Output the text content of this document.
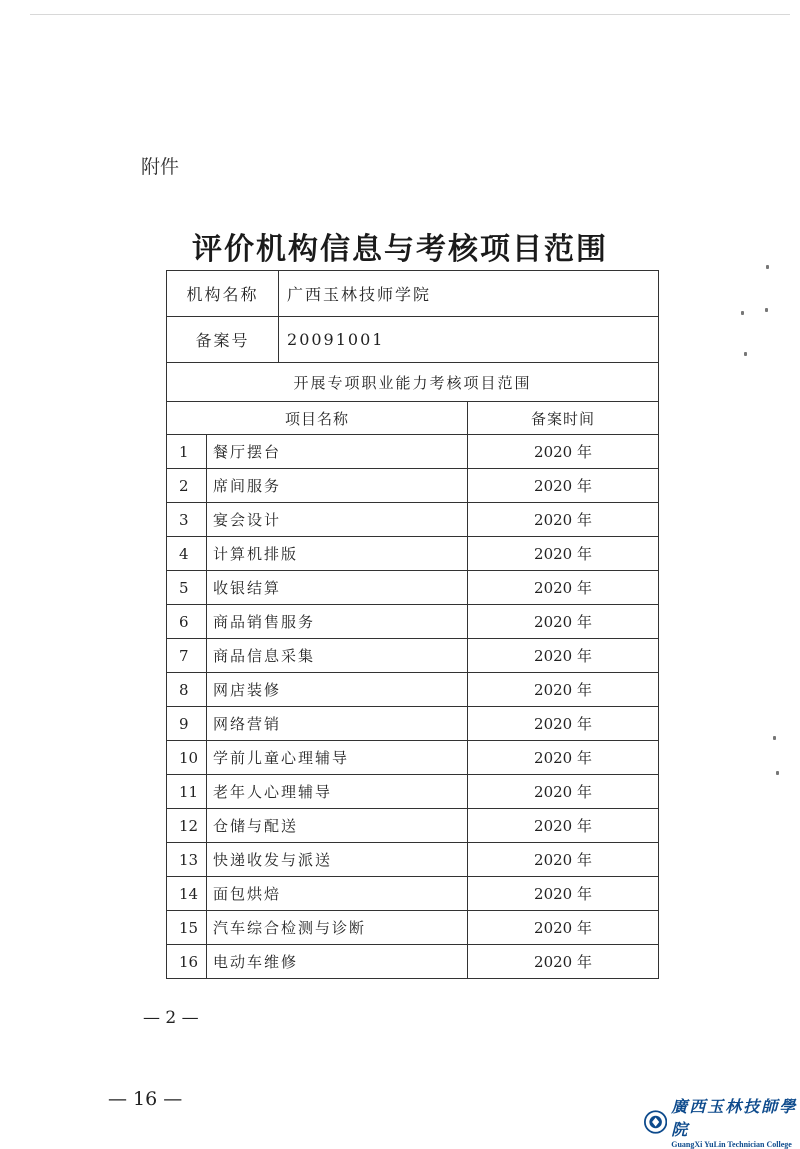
附件
评价机构信息与考核项目范围
机构名称		广西玉林技师学院	
备案号		20091001	
开展专项职业能力考核项目范围			
项目名称			备案时间
1	餐厅摆台		2020 年
2	席间服务		2020 年
3	宴会设计		2020 年
4	计算机排版		2020 年
5	收银结算		2020 年
6	商品销售服务		2020 年
7	商品信息采集		2020 年
8	网店装修		2020 年
9	网络营销		2020 年
10	学前儿童心理辅导		2020 年
11	老年人心理辅导		2020 年
12	仓储与配送		2020 年
13	快递收发与派送		2020 年
14	面包烘焙		2020 年
15	汽车综合检测与诊断		2020 年
16	电动车维修		2020 年
— 2 —
— 16 —	廣西玉林技師學院
GuangXi YuLin Technician College
